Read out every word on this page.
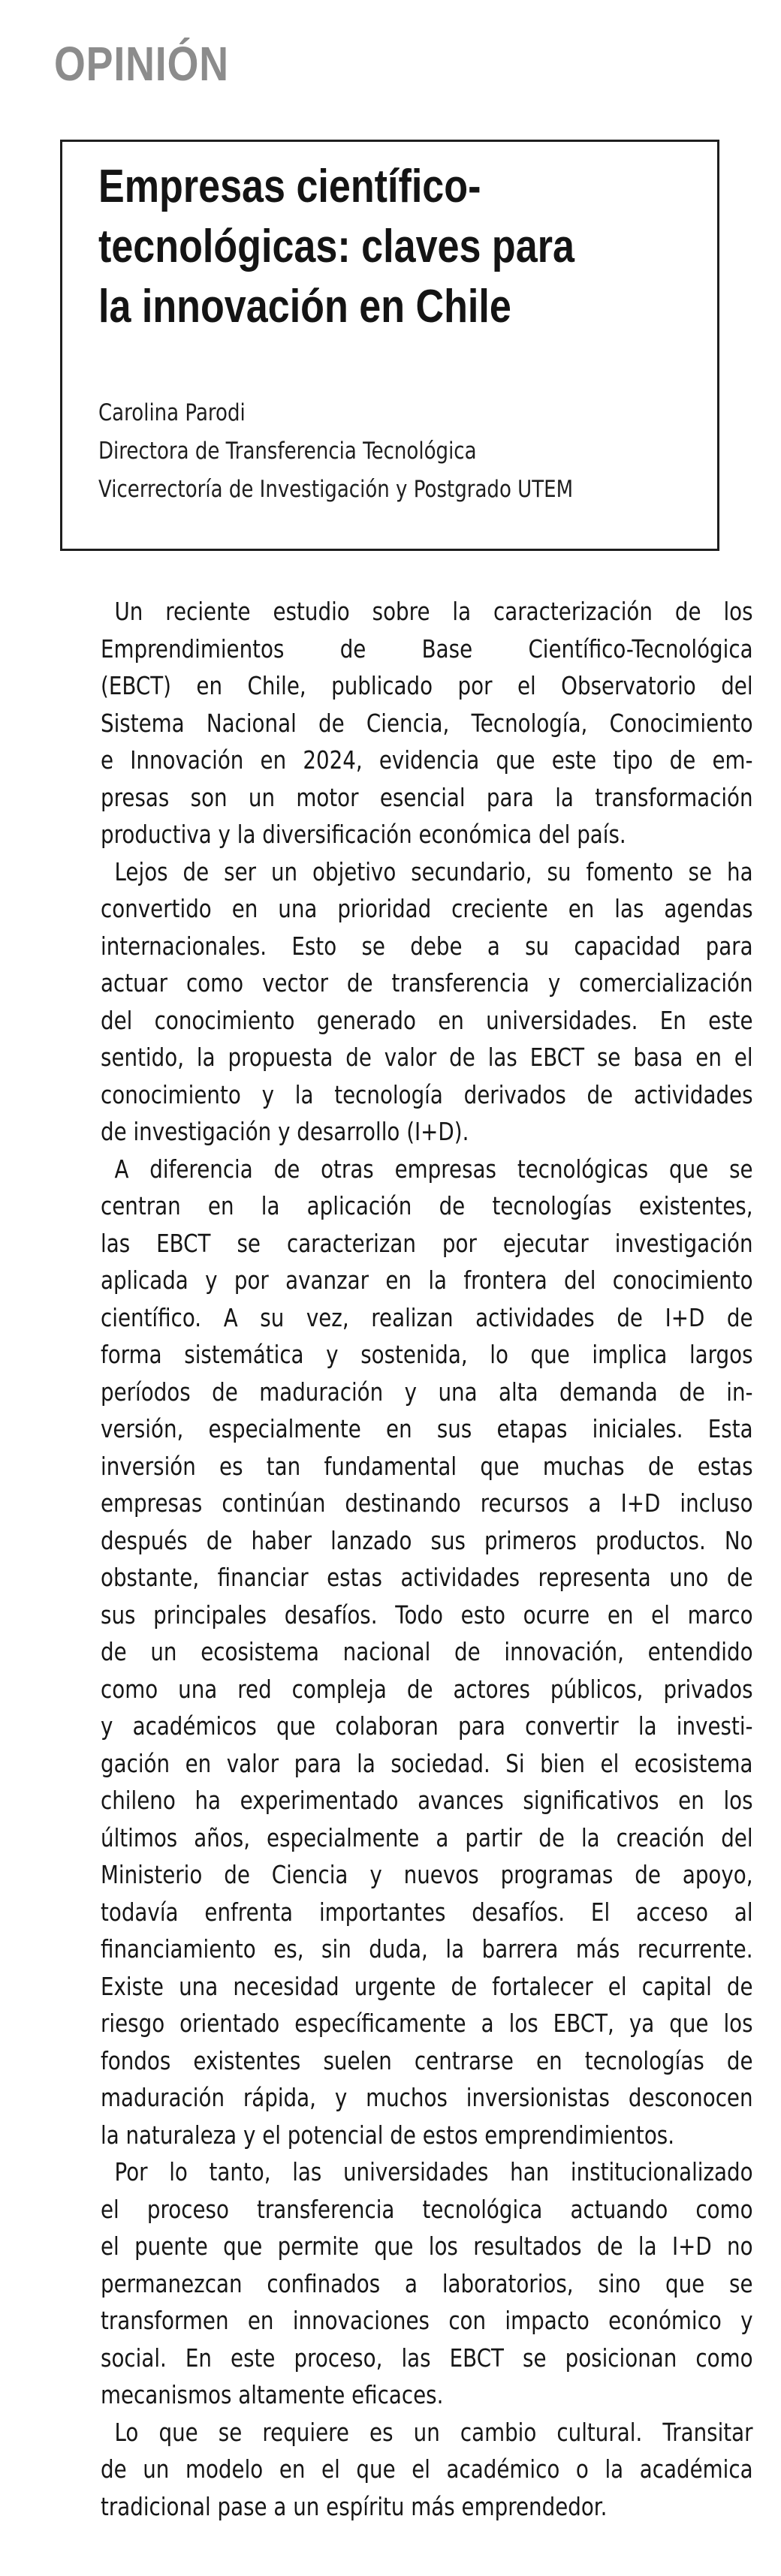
OPINIÓN
Empresas científico-
tecnológicas: claves para
la innovación en Chile
Carolina Parodi
Directora de Transferencia Tecnológica
Vicerrectoría de Investigación y Postgrado UTEM

Un reciente estudio sobre la caracterización de los
Emprendimientos de Base Científico-Tecnológica
(EBCT) en Chile, publicado por el Observatorio del
Sistema Nacional de Ciencia, Tecnología, Conocimiento
e Innovación en 2024, evidencia que este tipo de em-
presas son un motor esencial para la transformación
productiva y la diversificación económica del país.

Lejos de ser un objetivo secundario, su fomento se ha
convertido en una prioridad creciente en las agendas
internacionales. Esto se debe a su capacidad para
actuar como vector de transferencia y comercialización
del conocimiento generado en universidades. En este
sentido, la propuesta de valor de las EBCT se basa en el
conocimiento y la tecnología derivados de actividades
de investigación y desarrollo (I+D).

A diferencia de otras empresas tecnológicas que se
centran en la aplicación de tecnologías existentes,
las EBCT se caracterizan por ejecutar investigación
aplicada y por avanzar en la frontera del conocimiento
científico. A su vez, realizan actividades de I+D de
forma sistemática y sostenida, lo que implica largos
períodos de maduración y una alta demanda de in-
versión, especialmente en sus etapas iniciales. Esta
inversión es tan fundamental que muchas de estas
empresas continúan destinando recursos a I+D incluso
después de haber lanzado sus primeros productos. No
obstante, financiar estas actividades representa uno de
sus principales desafíos. Todo esto ocurre en el marco
de un ecosistema nacional de innovación, entendido
como una red compleja de actores públicos, privados
y académicos que colaboran para convertir la investi-
gación en valor para la sociedad. Si bien el ecosistema
chileno ha experimentado avances significativos en los
últimos años, especialmente a partir de la creación del
Ministerio de Ciencia y nuevos programas de apoyo,
todavía enfrenta importantes desafíos. El acceso al
financiamiento es, sin duda, la barrera más recurrente.
Existe una necesidad urgente de fortalecer el capital de
riesgo orientado específicamente a los EBCT, ya que los
fondos existentes suelen centrarse en tecnologías de
maduración rápida, y muchos inversionistas desconocen
la naturaleza y el potencial de estos emprendimientos.

Por lo tanto, las universidades han institucionalizado
el proceso transferencia tecnológica actuando como
el puente que permite que los resultados de la I+D no
permanezcan confinados a laboratorios, sino que se
transformen en innovaciones con impacto económico y
social. En este proceso, las EBCT se posicionan como
mecanismos altamente eficaces.

Lo que se requiere es un cambio cultural. Transitar
de un modelo en el que el académico o la académica
tradicional pase a un espíritu más emprendedor.
